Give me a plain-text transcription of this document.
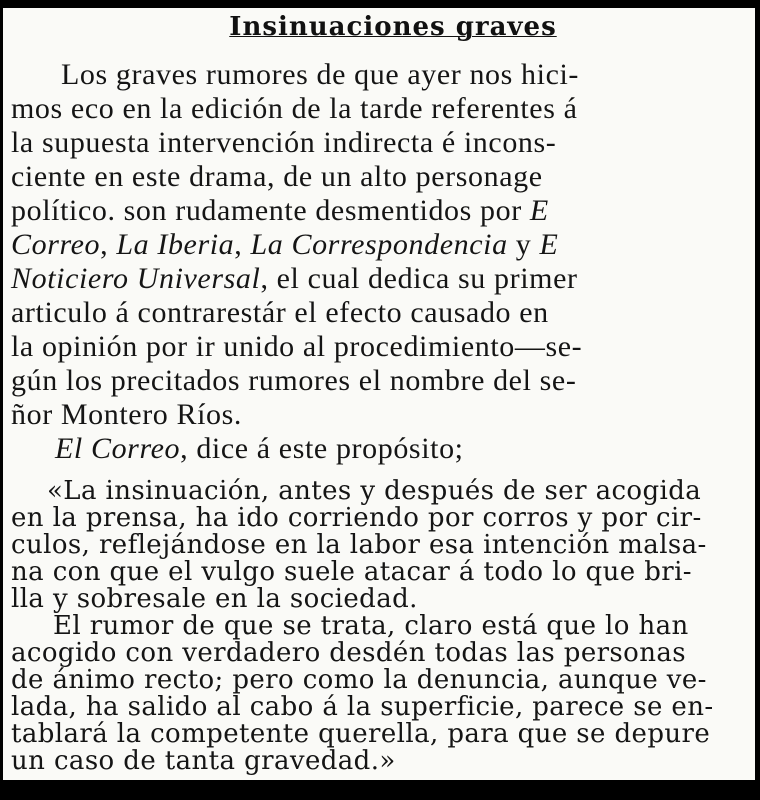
Insinuaciones graves
Los graves rumores de que ayer nos hici-
mos eco en la edición de la tarde referentes á
la supuesta intervención indirecta é incons-
ciente en este drama, de un alto personage
político. son rudamente desmentidos por E
Correo, La Iberia, La Correspondencia y E
Noticiero Universal, el cual dedica su primer
articulo á contrarestár el efecto causado en
la opinión por ir unido al procedimiento—se-
gún los precitados rumores el nombre del se-
ñor Montero Ríos.
El Correo, dice á este propósito;
«La insinuación, antes y después de ser acogida
en la prensa, ha ido corriendo por corros y por cir-
culos, reflejándose en la labor esa intención malsa-
na con que el vulgo suele atacar á todo lo que bri-
lla y sobresale en la sociedad.
El rumor de que se trata, claro está que lo han
acogido con verdadero desdén todas las personas
de ánimo recto; pero como la denuncia, aunque ve-
lada, ha salido al cabo á la superficie, parece se en-
tablará la competente querella, para que se depure
un caso de tanta gravedad.»
